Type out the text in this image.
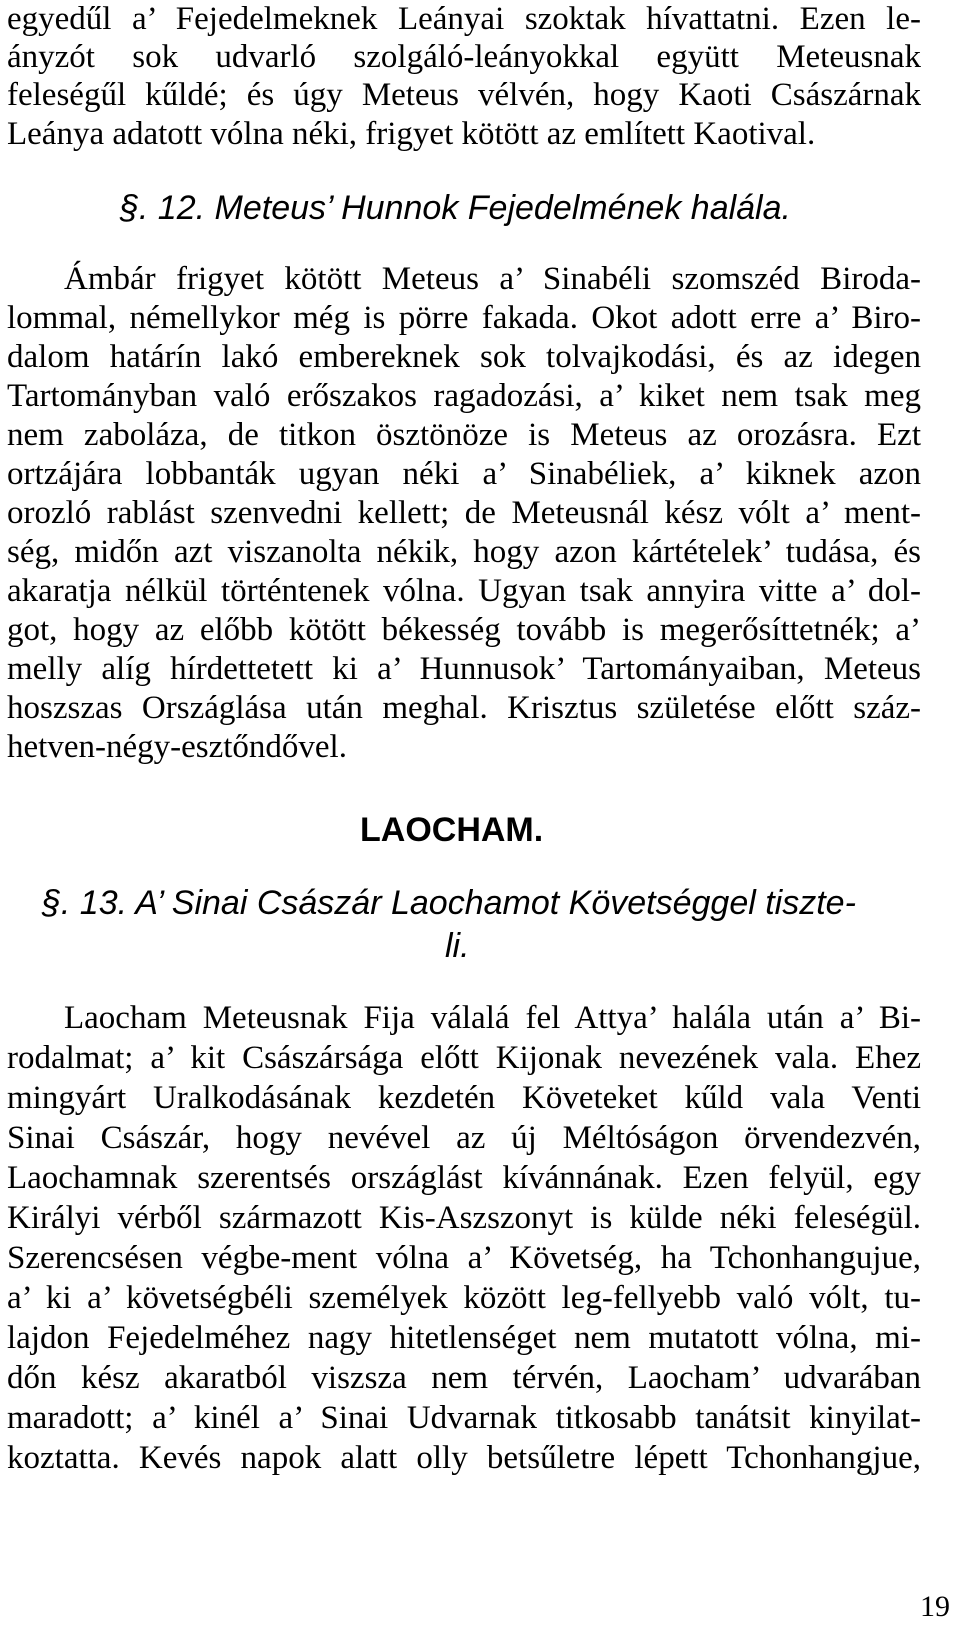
egyedűl a’ Fejedelmeknek Leányai szoktak hívattatni. Ezen le-
ányzót sok udvarló szolgáló-leányokkal együtt Meteusnak
feleségűl kűldé; és úgy Meteus vélvén, hogy Kaoti Császárnak
Leánya adatott vólna néki, frigyet kötött az említett Kaotival.
§. 12. Meteus’ Hunnok Fejedelmének halála.
Ámbár frigyet kötött Meteus a’ Sinabéli szomszéd Biroda-
lommal, némellykor még is pörre fakada. Okot adott erre a’ Biro-
dalom határín lakó embereknek sok tolvajkodási, és az idegen
Tartományban való erőszakos ragadozási, a’ kiket nem tsak meg
nem zaboláza, de titkon ösztönöze is Meteus az orozásra. Ezt
ortzájára lobbanták ugyan néki a’ Sinabéliek, a’ kiknek azon
orozló rablást szenvedni kellett; de Meteusnál kész vólt a’ ment-
ség, midőn azt viszanolta nékik, hogy azon kártételek’ tudása, és
akaratja nélkül történtenek vólna. Ugyan tsak annyira vitte a’ dol-
got, hogy az előbb kötött békesség tovább is megerősíttetnék; a’
melly alíg hírdettetett ki a’ Hunnusok’ Tartományaiban, Meteus
hoszszas Országlása után meghal. Krisztus születése előtt száz-
hetven-négy-esztőndővel.
LAOCHAM.
§. 13. A’ Sinai Császár Laochamot Követséggel tiszte-
li.
Laocham Meteusnak Fija válalá fel Attya’ halála után a’ Bi-
rodalmat; a’ kit Császársága előtt Kijonak nevezének vala. Ehez
mingyárt Uralkodásának kezdetén Követeket kűld vala Venti
Sinai Császár, hogy nevével az új Méltóságon örvendezvén,
Laochamnak szerentsés országlást kívánnának. Ezen felyül, egy
Királyi vérből származott Kis-Aszszonyt is külde néki feleségül.
Szerencsésen végbe-ment vólna a’ Követség, ha Tchonhangujue,
a’ ki a’ követségbéli személyek között leg-fellyebb való vólt, tu-
lajdon Fejedelméhez nagy hitetlenséget nem mutatott vólna, mi-
dőn kész akaratból viszsza nem térvén, Laocham’ udvarában
maradott; a’ kinél a’ Sinai Udvarnak titkosabb tanátsit kinyilat-
koztatta. Kevés napok alatt olly betsűletre lépett Tchonhangjue,
19
